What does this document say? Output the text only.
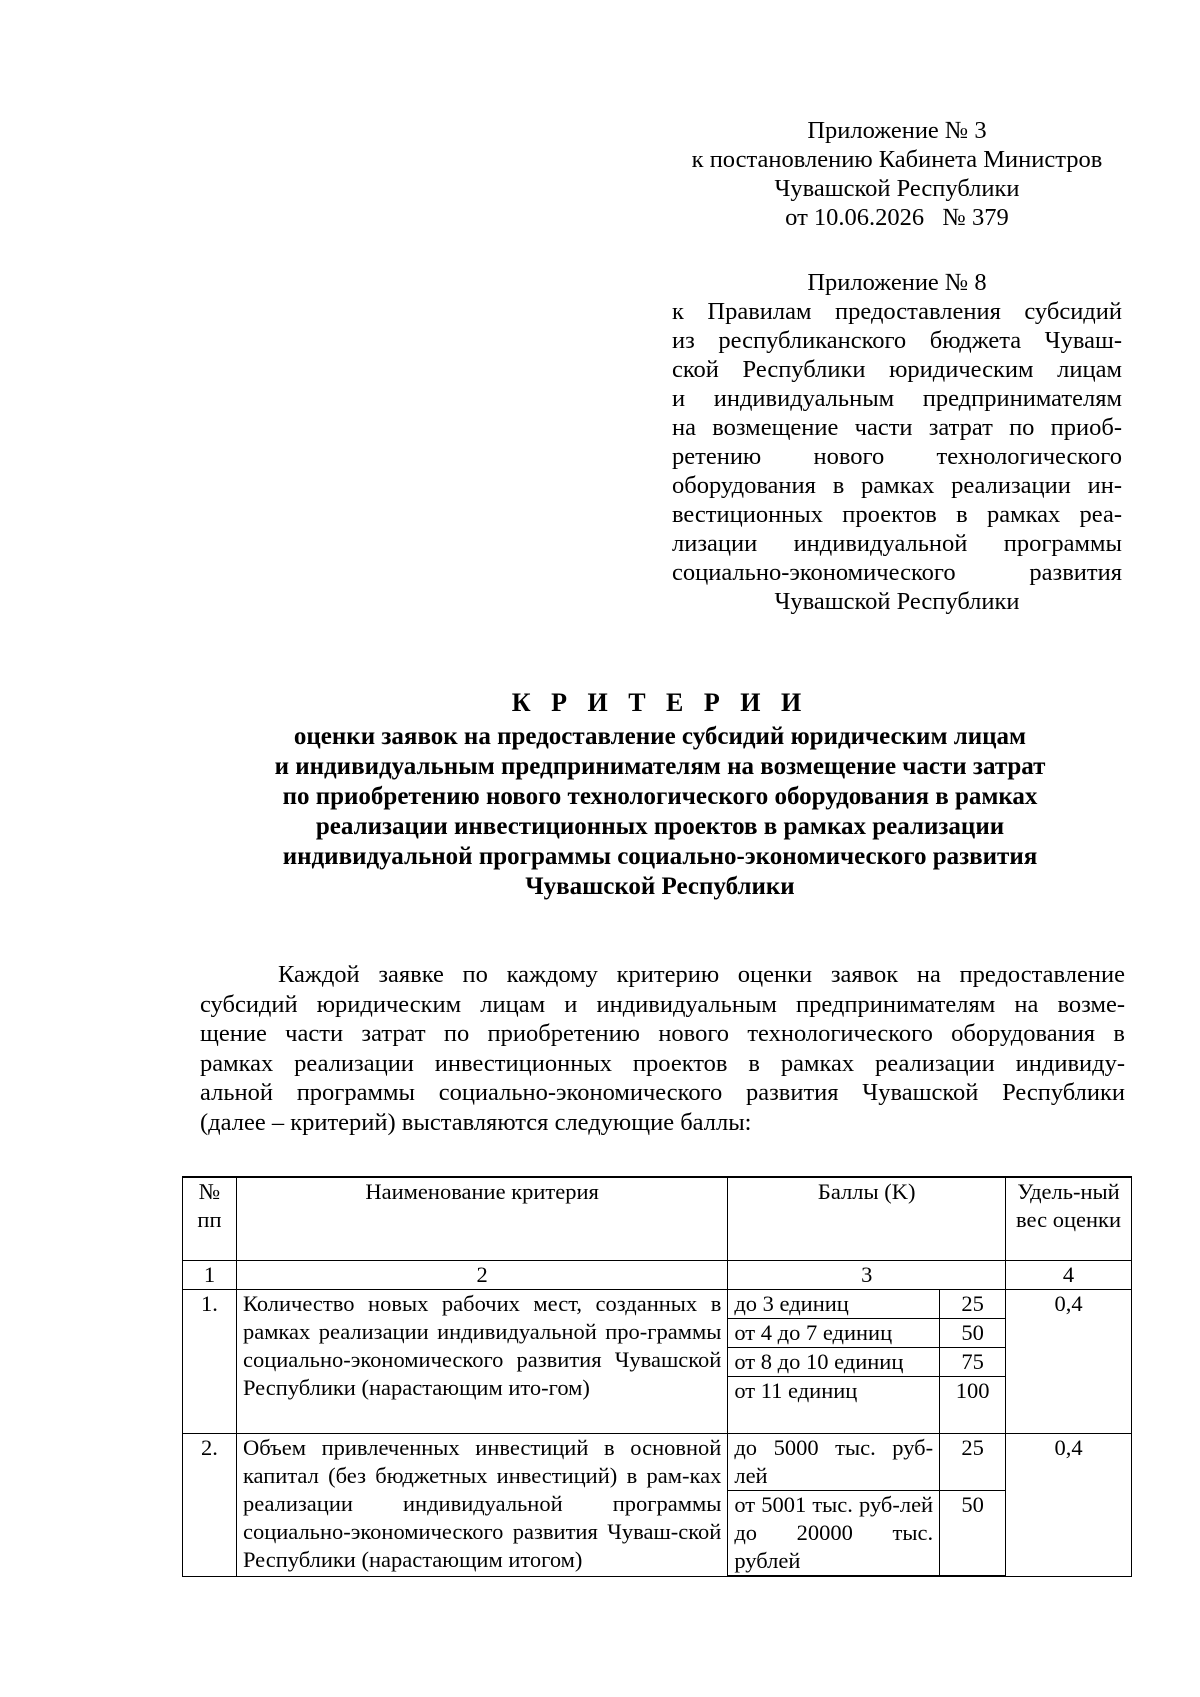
Приложение № 3
к постановлению Кабинета Министров
Чувашской Республики
от 10.06.2026   № 379
Приложение № 8
к Правилам предоставления субсидий
из республиканского бюджета Чуваш-
ской Республики юридическим лицам
и индивидуальным предпринимателям
на возмещение части затрат по приоб-
ретению нового технологического
оборудования в рамках реализации ин-
вестиционных проектов в рамках реа-
лизации индивидуальной программы
социально-экономического развития
Чувашской Республики
К Р И Т Е Р И И
оценки заявок на предоставление субсидий юридическим лицам
и индивидуальным предпринимателям на возмещение части затрат
по приобретению нового технологического оборудования в рамках
реализации инвестиционных проектов в рамках реализации
индивидуальной программы социально-экономического развития
Чувашской Республики
Каждой заявке по каждому критерию оценки заявок на предоставление
субсидий юридическим лицам и индивидуальным предпринимателям на возме-
щение части затрат по приобретению нового технологического оборудования в
рамках реализации инвестиционных проектов в рамках реализации индивиду-
альной программы социально-экономического развития Чувашской Республики
(далее – критерий) выставляются следующие баллы:
№ пп	Наименование критерия	Баллы (K)		Удель-ный вес оценки
1	2	3		4
1.	Количество новых рабочих мест, созданных в рамках реализации индивидуальной про-граммы социально-экономического развития Чувашской Республики (нарастающим ито-гом)	до 3 единиц	25	0,4
		от 4 до 7 единиц	50	
		от 8 до 10 единиц	75	
		от 11 единиц	100	
2.	Объем привлеченных инвестиций в основной капитал (без бюджетных инвестиций) в рам-ках реализации индивидуальной программы социально-экономического развития Чуваш-ской Республики (нарастающим итогом)	до 5000 тыс. руб-лей	25	0,4
		от 5001 тыс. руб-лей до 20000 тыс. рублей	50	
